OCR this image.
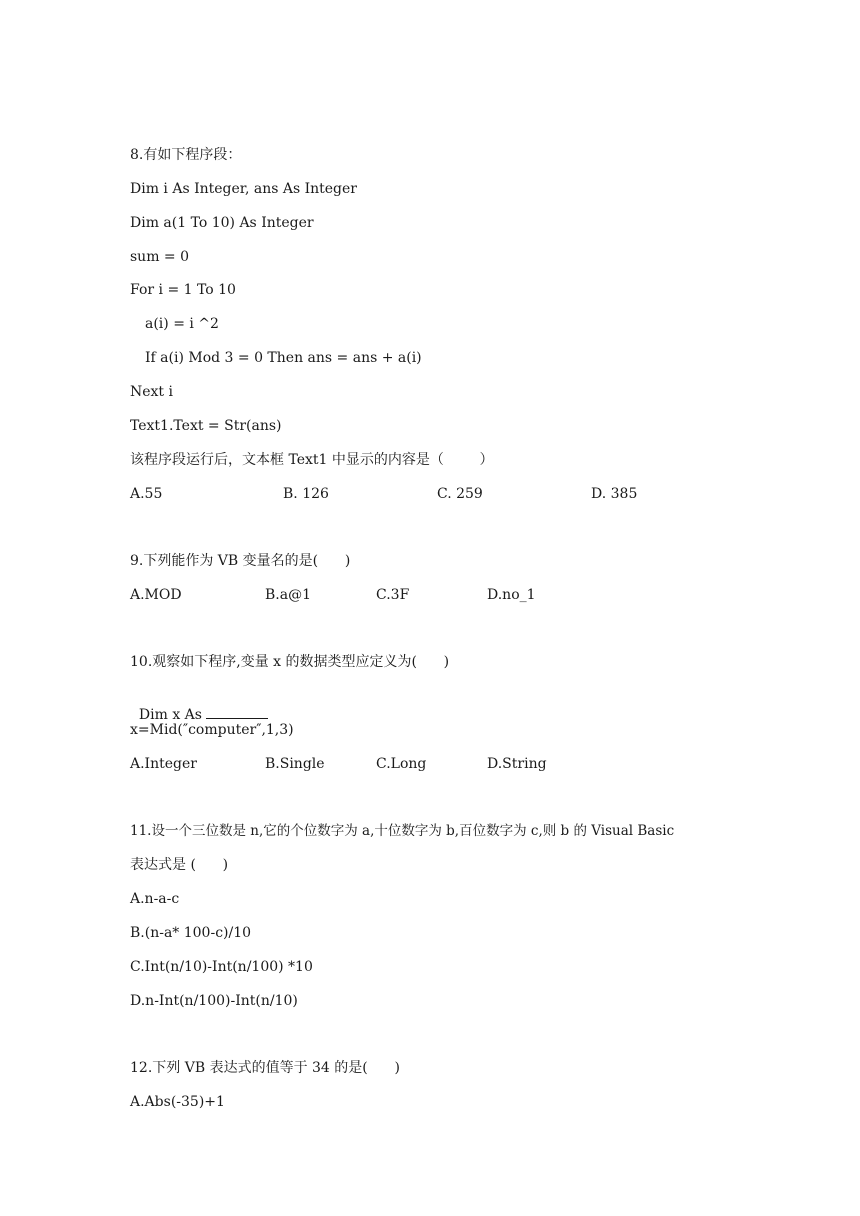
8.有如下程序段：
Dim i As Integer, ans As Integer
Dim a(1 To 10) As Integer
sum = 0
For i = 1 To 10
a(i) = i ^2
If a(i) Mod 3 = 0 Then ans = ans + a(i)
Next i
Text1.Text = Str(ans)
该程序段运行后，文本框 Text1 中显示的内容是（        ）

A.55

	B. 126

	C. 259

	D. 385

9.下列能作为 VB 变量名的是(      )

A.MOD

	B.a@1

	C.3F

	D.no_1

10.观察如下程序,变量 x 的数据类型应定义为(      )

Dim x As

x=Mid(″computer″,1,3)

A.Integer

	B.Single

	C.Long

	D.String

11.设一个三位数是 n,它的个位数字为 a,十位数字为 b,百位数字为 c,则 b 的 Visual Basic
表达式是 (      )
A.n-a-c
B.(n-a* 100-c)/10
C.Int(n/10)-Int(n/100) *10
D.n-Int(n/100)-Int(n/10)
12.下列 VB 表达式的值等于 34 的是(      )
A.Abs(-35)+1
